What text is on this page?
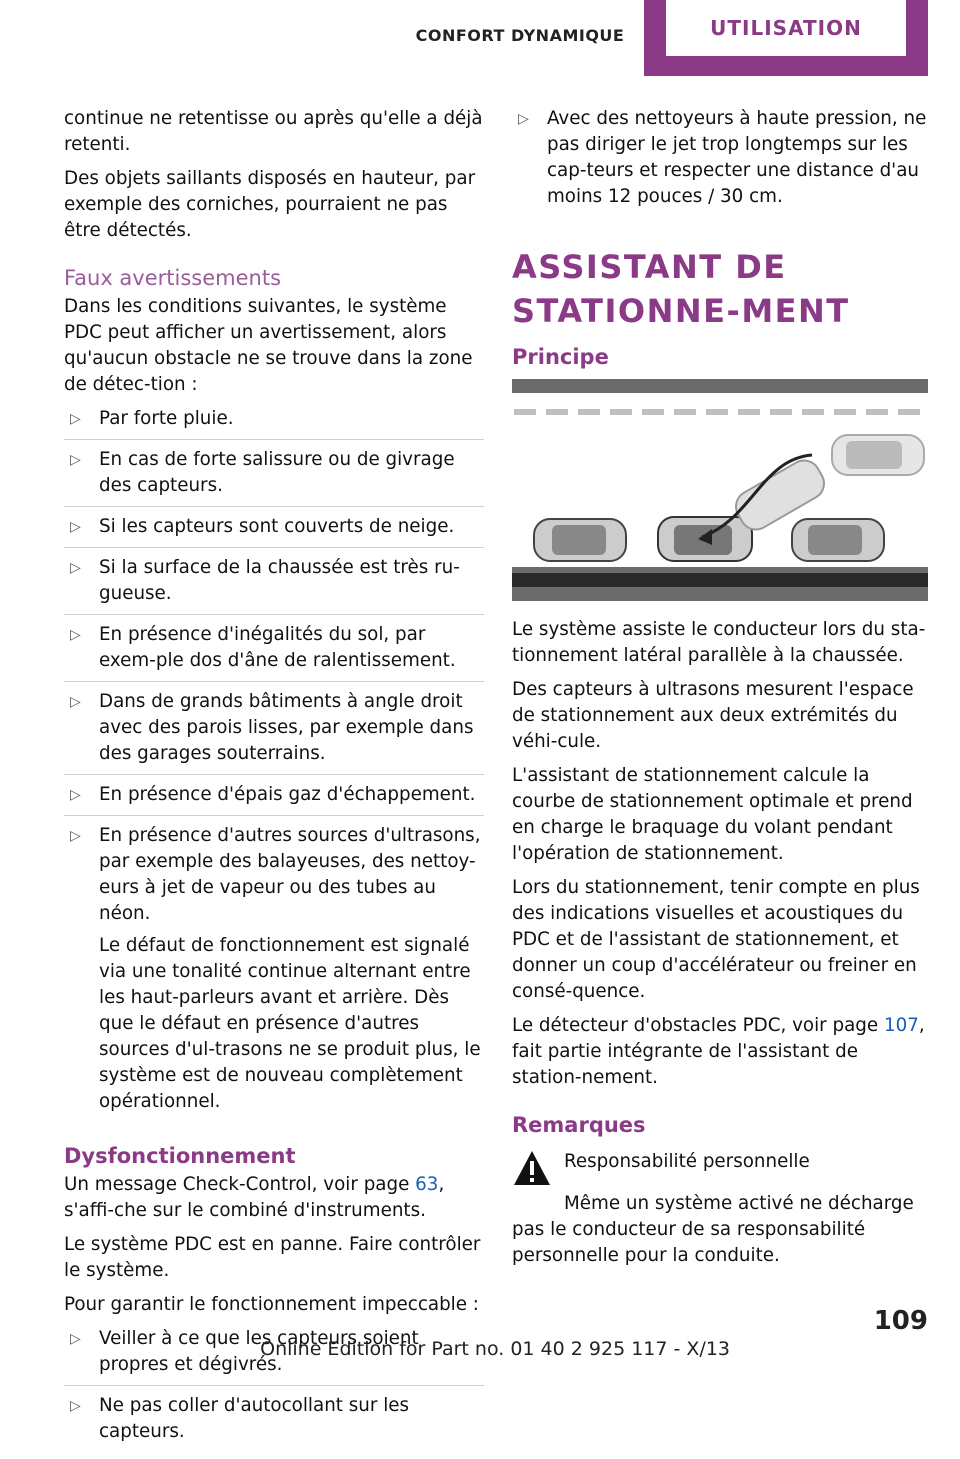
CONFORT DYNAMIQUE	UTILISATION

continue ne retentisse ou après qu'elle a déjà retenti.

Des objets saillants disposés en hauteur, par exemple des corniches, pourraient ne pas être détectés.

Faux avertissements

Dans les conditions suivantes, le système PDC peut afficher un avertissement, alors qu'aucun obstacle ne se trouve dans la zone de détec-tion :

▷ Par forte pluie.
▷ En cas de forte salissure ou de givrage des capteurs.
▷ Si les capteurs sont couverts de neige.
▷ Si la surface de la chaussée est très ru-gueuse.
▷ En présence d'inégalités du sol, par exem-ple dos d'âne de ralentissement.
▷ Dans de grands bâtiments à angle droit avec des parois lisses, par exemple dans des garages souterrains.
▷ En présence d'épais gaz d'échappement.
▷ En présence d'autres sources d'ultrasons, par exemple des balayeuses, des nettoy-eurs à jet de vapeur ou des tubes au néon.
Le défaut de fonctionnement est signalé via une tonalité continue alternant entre les haut-parleurs avant et arrière. Dès que le défaut en présence d'autres sources d'ul-trasons ne se produit plus, le système est de nouveau complètement opérationnel.
Dysfonctionnement

Un message Check-Control, voir page 63, s'affi-che sur le combiné d'instruments.

Le système PDC est en panne. Faire contrôler le système.

Pour garantir le fonctionnement impeccable :

▷ Veiller à ce que les capteurs soient propres et dégivrés.
▷ Ne pas coller d'autocollant sur les capteurs.
▷ Avec des nettoyeurs à haute pression, ne pas diriger le jet trop longtemps sur les cap-teurs et respecter une distance d'au moins 12 pouces / 30 cm.
ASSISTANT DE STATIONNE-MENT
Principe

Le système assiste le conducteur lors du sta-tionnement latéral parallèle à la chaussée.

Des capteurs à ultrasons mesurent l'espace de stationnement aux deux extrémités du véhi-cule.

L'assistant de stationnement calcule la courbe de stationnement optimale et prend en charge le braquage du volant pendant l'opération de stationnement.

Lors du stationnement, tenir compte en plus des indications visuelles et acoustiques du PDC et de l'assistant de stationnement, et donner un coup d'accélérateur ou freiner en consé-quence.

Le détecteur d'obstacles PDC, voir page 107, fait partie intégrante de l'assistant de station-nement.

Remarques
Responsabilité personnelle

Même un système activé ne décharge pas le conducteur de sa responsabilité personnelle pour la conduite.

109
Online Edition for Part no. 01 40 2 925 117 - X/13
